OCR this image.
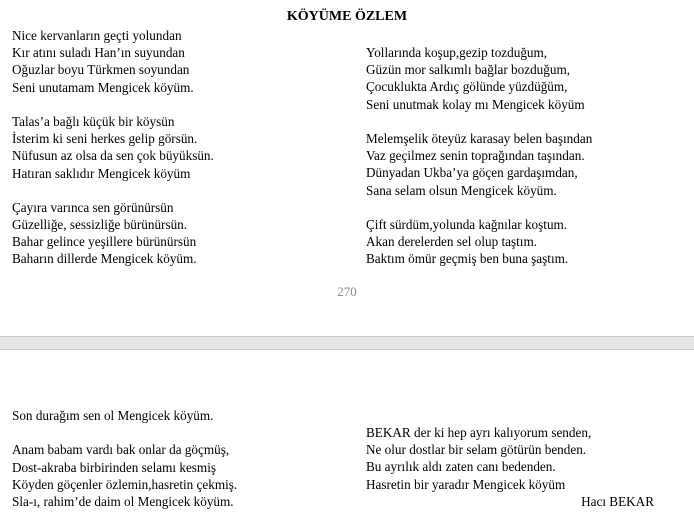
KÖYÜME ÖZLEM
Nice kervanların geçti yolundan
Kır atını suladı Han’ın suyundan
Oğuzlar boyu Türkmen soyundan
Seni unutamam Mengicek köyüm.
Talas’a bağlı küçük bir köysün
İsterim ki seni herkes gelip görsün.
Nüfusun az olsa da sen çok büyüksün.
Hatıran saklıdır Mengicek köyüm
Çayıra varınca sen görünürsün
Güzelliğe, sessizliğe bürünürsün.
Bahar gelince yeşillere bürünürsün
Baharın dillerde Mengicek köyüm.
Yollarında koşup,gezip tozduğum,
Güzün mor salkımlı bağlar bozduğum,
Çocuklukta Ardıç gölünde yüzdüğüm,
Seni unutmak kolay mı Mengicek köyüm
Melemşelik öteyüz karasay belen başından
Vaz geçilmez senin toprağından taşından.
Dünyadan Ukba’ya göçen gardaşımdan,
Sana selam olsun Mengicek köyüm.
Çift sürdüm,yolunda kağnılar koştum.
Akan derelerden sel olup taştım.
Baktım ömür geçmiş ben buna şaştım.
270
Son durağım sen ol Mengicek köyüm.
Anam babam vardı bak onlar da göçmüş,
Dost-akraba birbirinden selamı kesmiş
Köyden göçenler özlemin,hasretin çekmiş.
Sla-ı, rahim’de daim ol Mengicek köyüm.
BEKAR der ki hep ayrı kalıyorum senden,
Ne olur dostlar bir selam götürün benden.
Bu ayrılık aldı zaten canı bedenden.
Hasretin bir yaradır Mengicek köyüm
Hacı BEKAR
